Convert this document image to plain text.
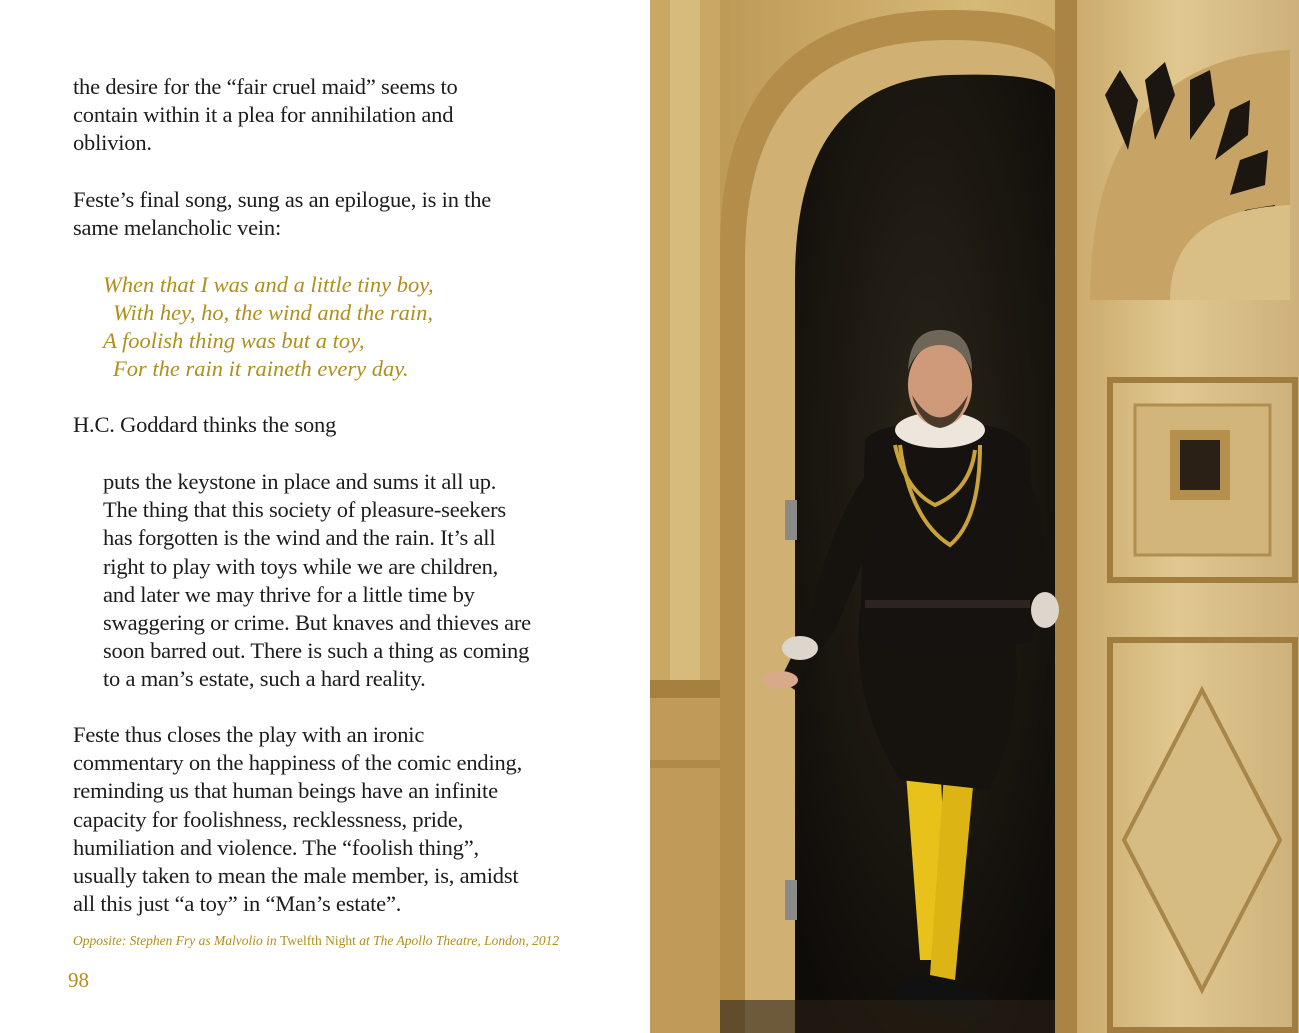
the desire for the “fair cruel maid” seems to
contain within it a plea for annihilation and
oblivion.

Feste’s final song, sung as an epilogue, is in the
same melancholic vein:

When that I was and a little tiny boy,
With hey, ho, the wind and the rain,
A foolish thing was but a toy,
For the rain it raineth every day.

H.C. Goddard thinks the song

puts the keystone in place and sums it all up.
The thing that this society of pleasure-seekers
has forgotten is the wind and the rain. It’s all
right to play with toys while we are children,
and later we may thrive for a little time by
swaggering or crime. But knaves and thieves are
soon barred out. There is such a thing as coming
to a man’s estate, such a hard reality.

Feste thus closes the play with an ironic
commentary on the happiness of the comic ending,
reminding us that human beings have an infinite
capacity for foolishness, recklessness, pride,
humiliation and violence. The “foolish thing”,
usually taken to mean the male member, is, amidst
all this just “a toy” in “Man’s estate”.

Opposite: Stephen Fry as Malvolio in Twelfth Night at The Apollo Theatre, London, 2012
98
